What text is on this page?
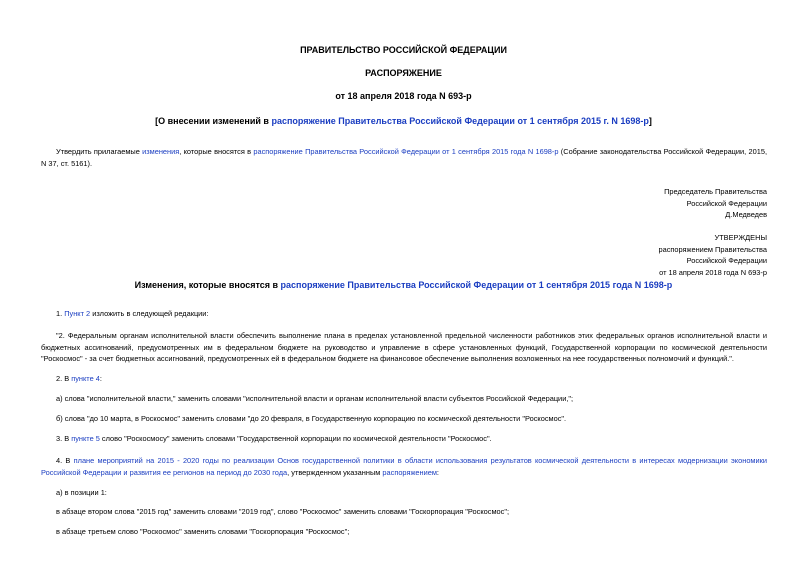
ПРАВИТЕЛЬСТВО РОССИЙСКОЙ ФЕДЕРАЦИИ
РАСПОРЯЖЕНИЕ
от 18 апреля 2018 года N 693-р
[О внесении изменений в распоряжение Правительства Российской Федерации от 1 сентября 2015 г. N 1698-р]
Утвердить прилагаемые изменения, которые вносятся в распоряжение Правительства Российской Федерации от 1 сентября 2015 года N 1698-р (Собрание законодательства Российской Федерации, 2015, N 37, ст. 5161).
Председатель Правительства
Российской Федерации
Д.Медведев
УТВЕРЖДЕНЫ
распоряжением Правительства
Российской Федерации
от 18 апреля 2018 года N 693-р
Изменения, которые вносятся в распоряжение Правительства Российской Федерации от 1 сентября 2015 года N 1698-р
1. Пункт 2 изложить в следующей редакции:
"2. Федеральным органам исполнительной власти обеспечить выполнение плана в пределах установленной предельной численности работников этих федеральных органов исполнительной власти и бюджетных ассигнований, предусмотренных им в федеральном бюджете на руководство и управление в сфере установленных функций, Государственной корпорации по космической деятельности "Роскосмос" - за счет бюджетных ассигнований, предусмотренных ей в федеральном бюджете на финансовое обеспечение выполнения возложенных на нее государственных полномочий и функций.".
2. В пункте 4:
а) слова "исполнительной власти," заменить словами "исполнительной власти и органам исполнительной власти субъектов Российской Федерации,";
б) слова "до 10 марта, в Роскосмос" заменить словами "до 20 февраля, в Государственную корпорацию по космической деятельности "Роскосмос".
3. В пункте 5 слово "Роскосмосу" заменить словами "Государственной корпорации по космической деятельности "Роскосмос".
4. В плане мероприятий на 2015 - 2020 годы по реализации Основ государственной политики в области использования результатов космической деятельности в интересах модернизации экономики Российской Федерации и развития ее регионов на период до 2030 года, утвержденном указанным распоряжением:
а) в позиции 1:
в абзаце втором слова "2015 год" заменить словами "2019 год", слово "Роскосмос" заменить словами "Госкорпорация "Роскосмос";
в абзаце третьем слово "Роскосмос" заменить словами "Госкорпорация "Роскосмос";
